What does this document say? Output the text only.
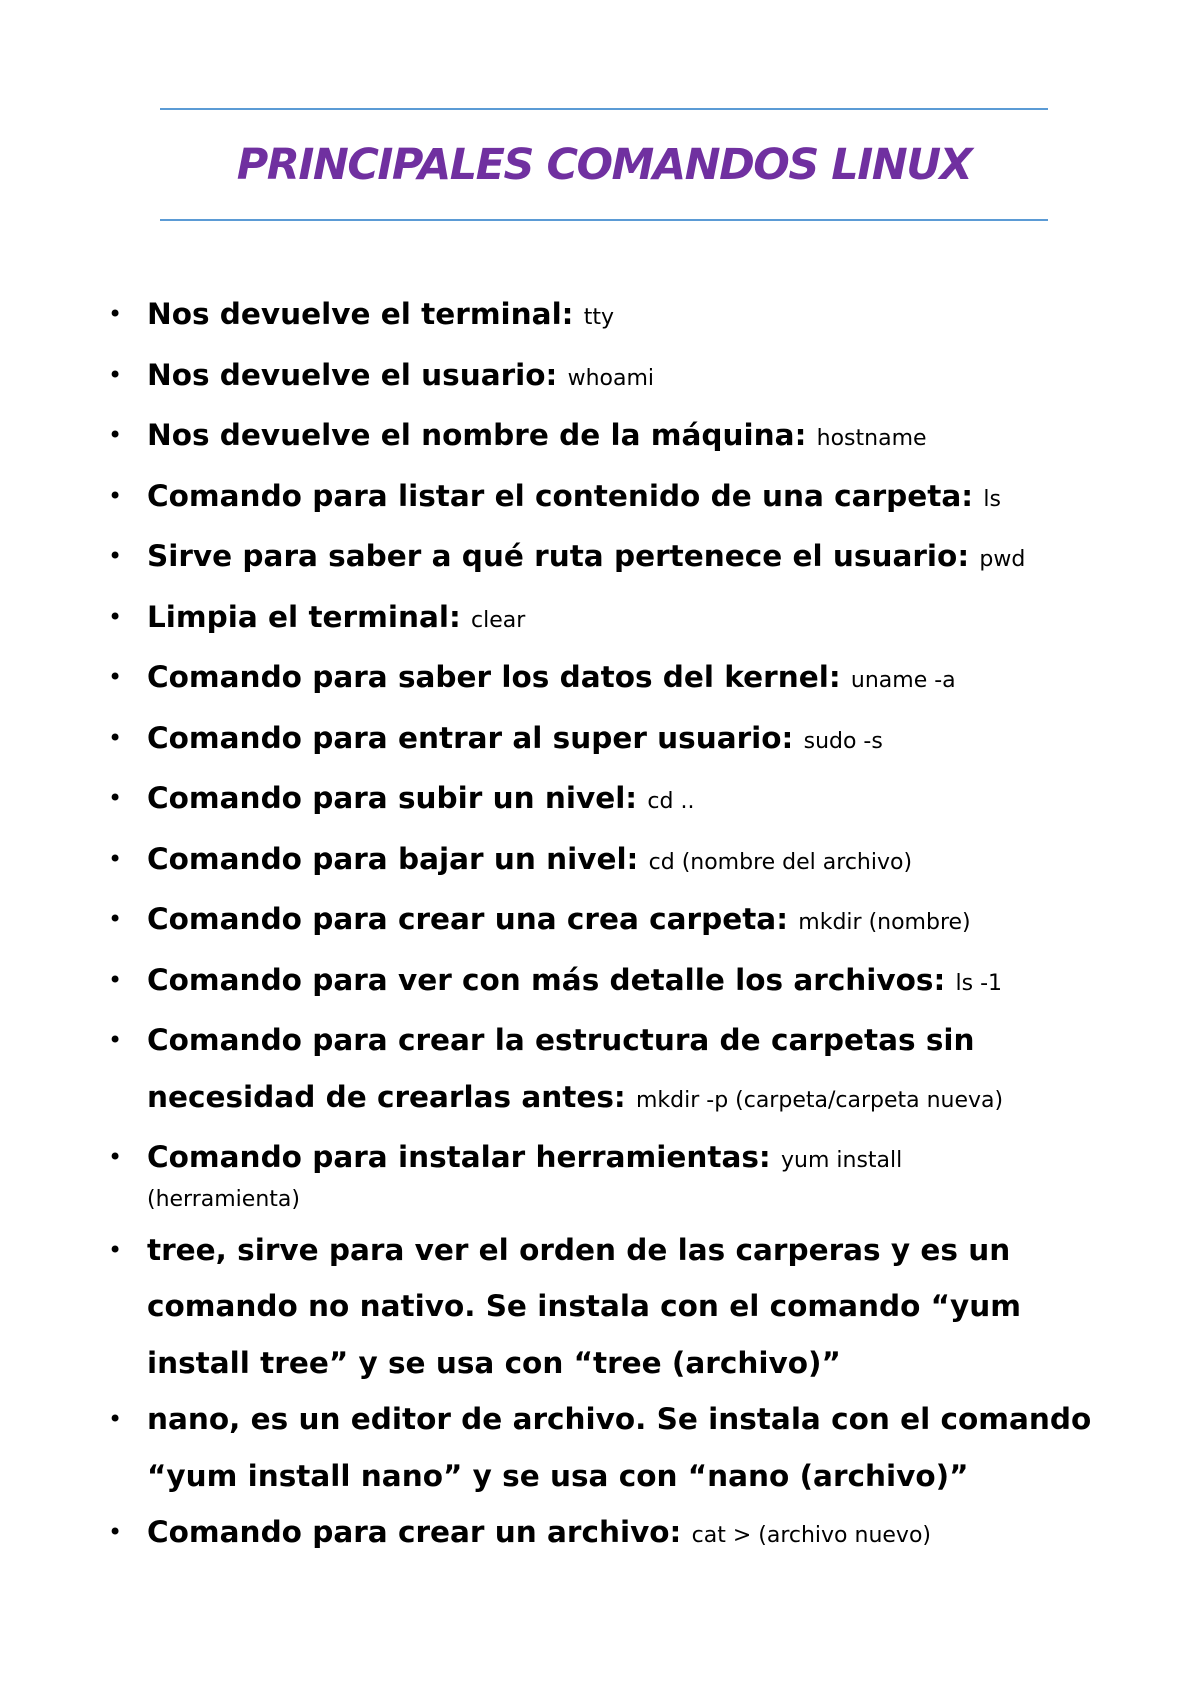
PRINCIPALES COMANDOS LINUX
• Nos devuelve el terminal: tty
• Nos devuelve el usuario: whoami
• Nos devuelve el nombre de la máquina: hostname
• Comando para listar el contenido de una carpeta: ls
• Sirve para saber a qué ruta pertenece el usuario: pwd
• Limpia el terminal: clear
• Comando para saber los datos del kernel: uname -a
• Comando para entrar al super usuario: sudo -s
• Comando para subir un nivel: cd ..
• Comando para bajar un nivel: cd (nombre del archivo)
• Comando para crear una crea carpeta: mkdir (nombre)
• Comando para ver con más detalle los archivos: ls -1
• Comando para crear la estructura de carpetas sin necesidad de crearlas antes: mkdir -p (carpeta/carpeta nueva)
• Comando para instalar herramientas: yum install
(herramienta)
• tree, sirve para ver el orden de las carperas y es un comando no nativo. Se instala con el comando “yum install tree” y se usa con “tree (archivo)”
• nano, es un editor de archivo. Se instala con el comando “yum install nano” y se usa con “nano (archivo)”
• Comando para crear un archivo: cat > (archivo nuevo)
